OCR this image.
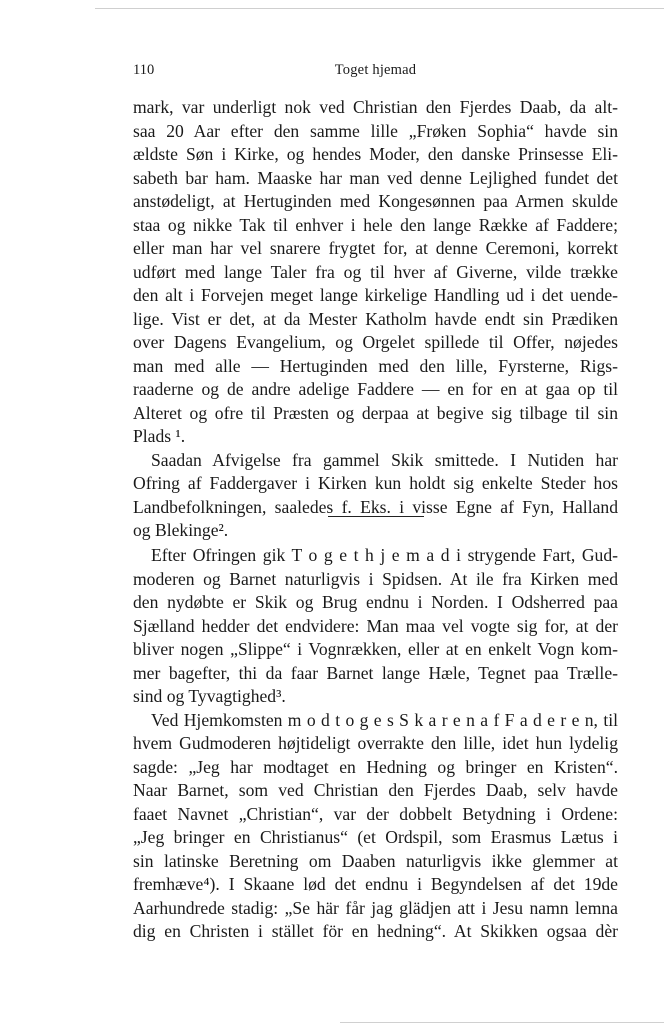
110	Toget hjemad
mark, var underligt nok ved Christian den Fjerdes Daab, da alt-
saa 20 Aar efter den samme lille „Frøken Sophia“ havde sin
ældste Søn i Kirke, og hendes Moder, den danske Prinsesse Eli-
sabeth bar ham. Maaske har man ved denne Lejlighed fundet det
anstødeligt, at Hertuginden med Kongesønnen paa Armen skulde
staa og nikke Tak til enhver i hele den lange Række af Faddere;
eller man har vel snarere frygtet for, at denne Ceremoni, korrekt
udført med lange Taler fra og til hver af Giverne, vilde trække
den alt i Forvejen meget lange kirkelige Handling ud i det uende-
lige. Vist er det, at da Mester Katholm havde endt sin Prædiken
over Dagens Evangelium, og Orgelet spillede til Offer, nøjedes
man med alle — Hertuginden med den lille, Fyrsterne, Rigs-
raaderne og de andre adelige Faddere — en for en at gaa op til
Alteret og ofre til Præsten og derpaa at begive sig tilbage til sin
Plads ¹.
Saadan Afvigelse fra gammel Skik smittede. I Nutiden har
Ofring af Faddergaver i Kirken kun holdt sig enkelte Steder hos
Landbefolkningen, saaledes f. Eks. i visse Egne af Fyn, Halland
og Blekinge².
Efter Ofringen gik T o g e t h j e m a d i strygende Fart, Gud-
moderen og Barnet naturligvis i Spidsen. At ile fra Kirken med
den nydøbte er Skik og Brug endnu i Norden. I Odsherred paa
Sjælland hedder det endvidere: Man maa vel vogte sig for, at der
bliver nogen „Slippe“ i Vognrækken, eller at en enkelt Vogn kom-
mer bagefter, thi da faar Barnet lange Hæle, Tegnet paa Trælle-
sind og Tyvagtighed³.
Ved Hjemkomsten m o d t o g e s S k a r e n a f F a d e r e n, til
hvem Gudmoderen højtideligt overrakte den lille, idet hun lydelig
sagde: „Jeg har modtaget en Hedning og bringer en Kristen“.
Naar Barnet, som ved Christian den Fjerdes Daab, selv havde
faaet Navnet „Christian“, var der dobbelt Betydning i Ordene:
„Jeg bringer en Christianus“ (et Ordspil, som Erasmus Lætus i
sin latinske Beretning om Daaben naturligvis ikke glemmer at
fremhæve⁴). I Skaane lød det endnu i Begyndelsen af det 19de
Aarhundrede stadig: „Se här får jag glädjen att i Jesu namn lemna
dig en Christen i stället för en hedning“. At Skikken ogsaa dèr
